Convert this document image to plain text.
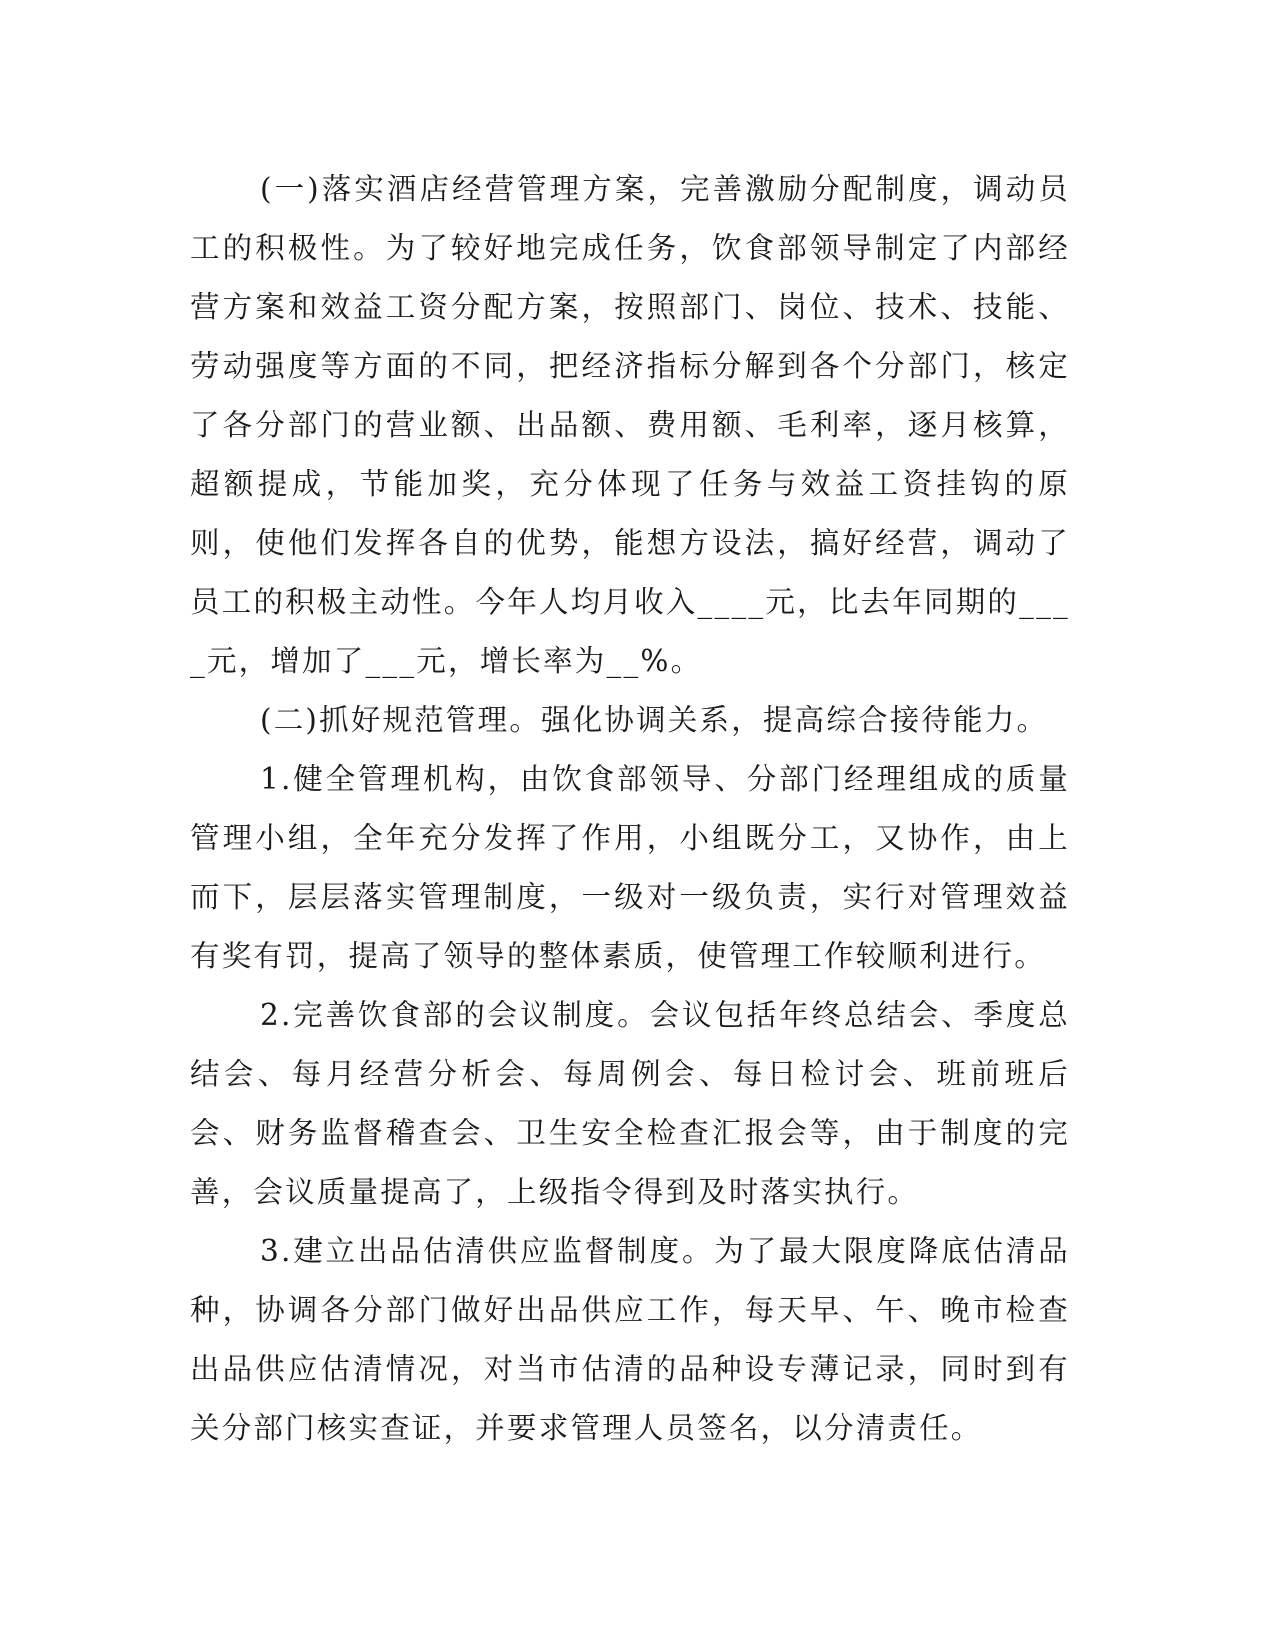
(一)落实酒店经营管理方案，完善激励分配制度，调动员工的积极性。为了较好地完成任务，饮食部领导制定了内部经营方案和效益工资分配方案，按照部门、岗位、技术、技能、劳动强度等方面的不同，把经济指标分解到各个分部门，核定了各分部门的营业额、出品额、费用额、毛利率，逐月核算，超额提成，节能加奖，充分体现了任务与效益工资挂钩的原则，使他们发挥各自的优势，能想方设法，搞好经营，调动了员工的积极主动性。今年人均月收入____元，比去年同期的____元，增加了___元，增长率为__%。

(二)抓好规范管理。强化协调关系，提高综合接待能力。

1.健全管理机构，由饮食部领导、分部门经理组成的质量管理小组，全年充分发挥了作用，小组既分工，又协作，由上而下，层层落实管理制度，一级对一级负责，实行对管理效益有奖有罚，提高了领导的整体素质，使管理工作较顺利进行。

2.完善饮食部的会议制度。会议包括年终总结会、季度总结会、每月经营分析会、每周例会、每日检讨会、班前班后会、财务监督稽查会、卫生安全检查汇报会等，由于制度的完善，会议质量提高了，上级指令得到及时落实执行。

3.建立出品估清供应监督制度。为了最大限度降底估清品种，协调各分部门做好出品供应工作，每天早、午、晚市检查出品供应估清情况，对当市估清的品种设专薄记录，同时到有关分部门核实查证，并要求管理人员签名，以分清责任。
